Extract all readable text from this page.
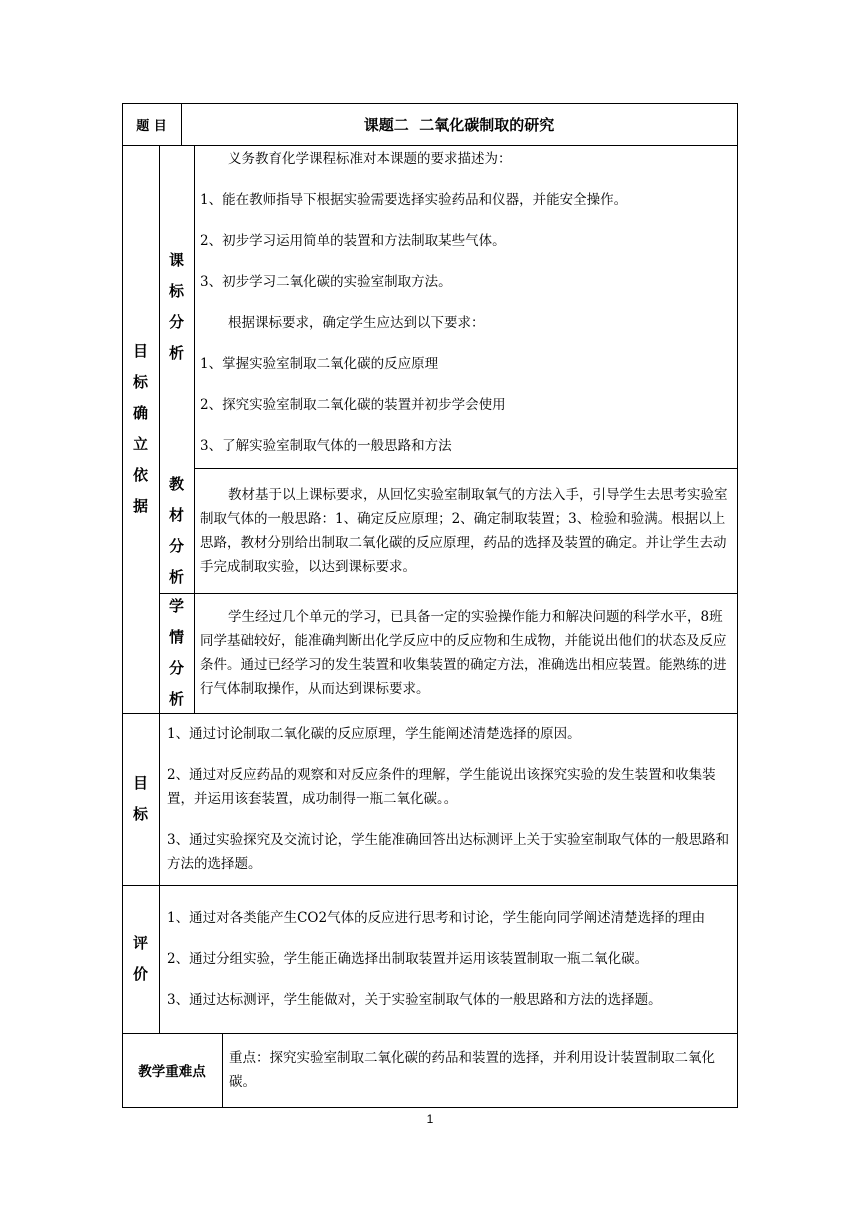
题 目	课题二  二氧化碳制取的研究
目标确立依据
课标分析

义务教育化学课程标准对本课题的要求描述为：

1、能在教师指导下根据实验需要选择实验药品和仪器，并能安全操作。

2、初步学习运用简单的装置和方法制取某些气体。

3、初步学习二氧化碳的实验室制取方法。

根据课标要求，确定学生应达到以下要求：

1、掌握实验室制取二氧化碳的反应原理

2、探究实验室制取二氧化碳的装置并初步学会使用

3、了解实验室制取气体的一般思路和方法

教材分析

教材基于以上课标要求，从回忆实验室制取氧气的方法入手，引导学生去思考实验室制取气体的一般思路：1、确定反应原理；2、确定制取装置；3、检验和验满。根据以上思路，教材分别给出制取二氧化碳的反应原理，药品的选择及装置的确定。并让学生去动手完成制取实验，以达到课标要求。

学情分析

学生经过几个单元的学习，已具备一定的实验操作能力和解决问题的科学水平，8班同学基础较好，能准确判断出化学反应中的反应物和生成物，并能说出他们的状态及反应条件。通过已经学习的发生装置和收集装置的确定方法，准确选出相应装置。能熟练的进行气体制取操作，从而达到课标要求。

目标

1、通过讨论制取二氧化碳的反应原理，学生能阐述清楚选择的原因。

2、通过对反应药品的观察和对反应条件的理解，学生能说出该探究实验的发生装置和收集装置，并运用该套装置，成功制得一瓶二氧化碳。。

3、通过实验探究及交流讨论，学生能准确回答出达标测评上关于实验室制取气体的一般思路和方法的选择题。

评价

1、通过对各类能产生CO2气体的反应进行思考和讨论，学生能向同学阐述清楚选择的理由

2、通过分组实验，学生能正确选择出制取装置并运用该装置制取一瓶二氧化碳。

3、通过达标测评，学生能做对，关于实验室制取气体的一般思路和方法的选择题。

教学重难点

重点：探究实验室制取二氧化碳的药品和装置的选择，并利用设计装置制取二氧化碳。

1
